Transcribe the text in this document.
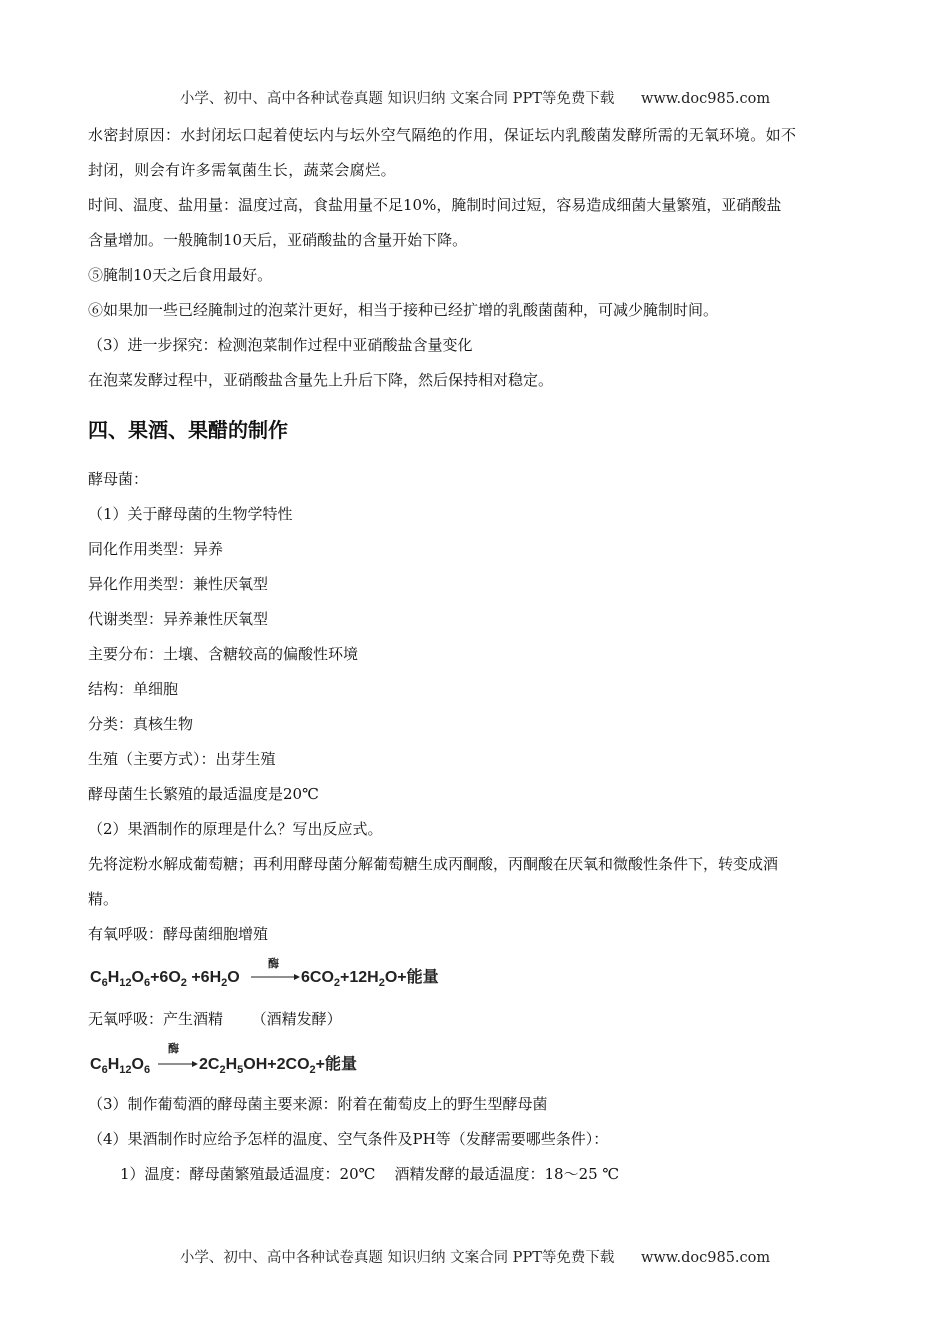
小学、初中、高中各种试卷真题 知识归纳 文案合同 PPT等免费下载 www.doc985.com
水密封原因：水封闭坛口起着使坛内与坛外空气隔绝的作用，保证坛内乳酸菌发酵所需的无氧环境。如不
封闭，则会有许多需氧菌生长，蔬菜会腐烂。
时间、温度、盐用量：温度过高，食盐用量不足10%，腌制时间过短，容易造成细菌大量繁殖，亚硝酸盐
含量增加。一般腌制10天后，亚硝酸盐的含量开始下降。
⑤腌制10天之后食用最好。
⑥如果加一些已经腌制过的泡菜汁更好，相当于接种已经扩增的乳酸菌菌种，可减少腌制时间。
（3）进一步探究：检测泡菜制作过程中亚硝酸盐含量变化
在泡菜发酵过程中，亚硝酸盐含量先上升后下降，然后保持相对稳定。
四、果酒、果醋的制作
酵母菌：
（1）关于酵母菌的生物学特性
同化作用类型：异养
异化作用类型：兼性厌氧型
代谢类型：异养兼性厌氧型
主要分布：土壤、含糖较高的偏酸性环境
结构：单细胞
分类：真核生物
生殖（主要方式）：出芽生殖
酵母菌生长繁殖的最适温度是20℃
（2）果酒制作的原理是什么？写出反应式。
先将淀粉水解成葡萄糖；再利用酵母菌分解葡萄糖生成丙酮酸，丙酮酸在厌氧和微酸性条件下，转变成酒
精。
有氧呼吸：酵母菌细胞增殖
$C_6H_{12}O_6+6O_2 +6H_2O$
酶
$6CO_2+12H_2O+$能量
无氧呼吸：产生酒精      （酒精发酵）
$C_6H_{12}O_6$
酶
$2C_2H_5OH+2CO_2+$能量
（3）制作葡萄酒的酵母菌主要来源：附着在葡萄皮上的野生型酵母菌
（4）果酒制作时应给予怎样的温度、空气条件及PH等（发酵需要哪些条件）：
1）温度：酵母菌繁殖最适温度：20℃    酒精发酵的最适温度：18～25 ℃
小学、初中、高中各种试卷真题 知识归纳 文案合同 PPT等免费下载 www.doc985.com
